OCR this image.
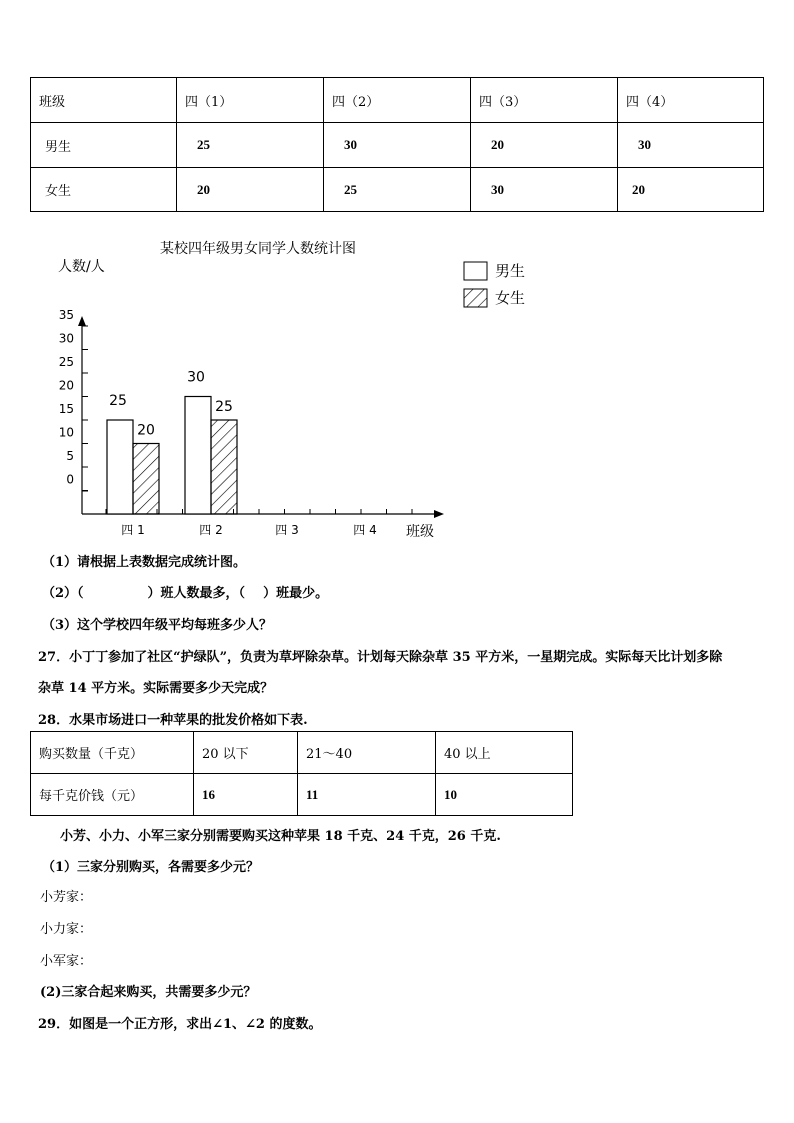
班级	四（1）	四（2）	四（3）	四（4）
男生	25	30	20	30
女生	20	25	30	20
某校四年级男女同学人数统计图
人数/人
班级
男生
女生
35
30
25
20
15
10
5
0
25
30
20
25
四 1	四 2	四 3	四 4
（1）请根据上表数据完成统计图。
（2）（	）班人数最多，（ ）班最少。
（3）这个学校四年级平均每班多少人？
27．小丁丁参加了社区“护绿队”，负责为草坪除杂草。计划每天除杂草 35 平方米，一星期完成。实际每天比计划多除
杂草 14 平方米。实际需要多少天完成？
28．水果市场进口一种苹果的批发价格如下表.
购买数量（千克）	20 以下	21～40	40 以上
每千克价钱（元）	16	11	10
小芳、小力、小军三家分别需要购买这种苹果 18 千克、24 千克，26 千克.
（1）三家分别购买，各需要多少元？
小芳家：
小力家：
小军家：
(2)三家合起来购买，共需要多少元？
29．如图是一个正方形，求出∠1、∠2 的度数。
